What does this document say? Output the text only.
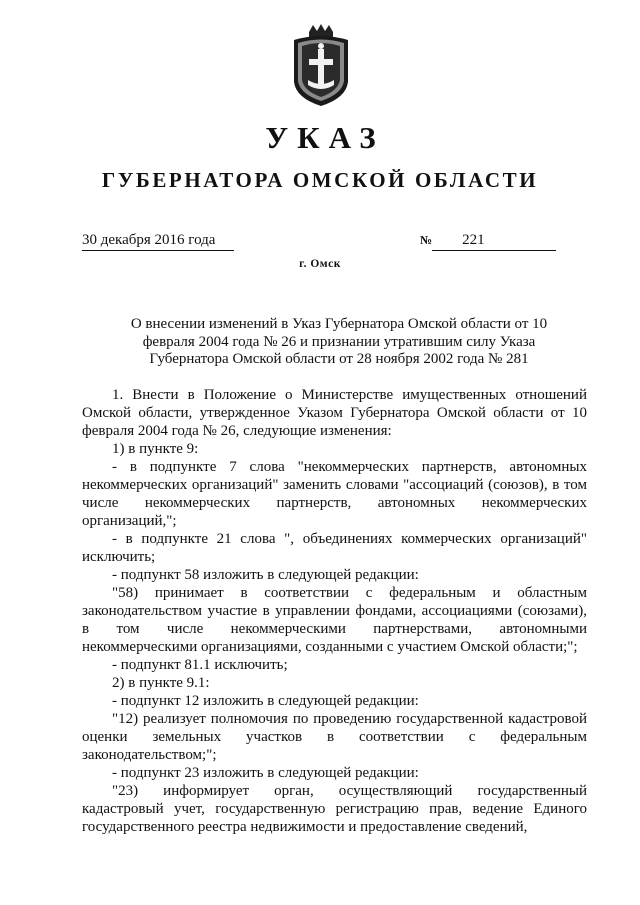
УКАЗ
ГУБЕРНАТОРА ОМСКОЙ ОБЛАСТИ
30 декабря 2016 года	№ 221
г. Омск
О внесении изменений в Указ Губернатора Омской области от 10 февраля 2004 года № 26 и признании утратившим силу Указа Губернатора Омской области от 28 ноября 2002 года № 281

1. Внести в Положение о Министерстве имущественных отношений Омской области, утвержденное Указом Губернатора Омской области от 10 февраля 2004 года № 26, следующие изменения:

1) в пункте 9:

- в подпункте 7 слова "некоммерческих партнерств, автономных некоммерческих организаций" заменить словами "ассоциаций (союзов), в том числе некоммерческих партнерств, автономных некоммерческих организаций,";

- в подпункте 21 слова ", объединениях коммерческих организаций" исключить;

- подпункт 58 изложить в следующей редакции:

"58) принимает в соответствии с федеральным и областным законодательством участие в управлении фондами, ассоциациями (союзами), в том числе некоммерческими партнерствами, автономными некоммерческими организациями, созданными с участием Омской области;";

- подпункт 81.1 исключить;

2) в пункте 9.1:

- подпункт 12 изложить в следующей редакции:

"12) реализует полномочия по проведению государственной кадастровой оценки земельных участков в соответствии с федеральным законодательством;";

- подпункт 23 изложить в следующей редакции:

"23) информирует орган, осуществляющий государственный кадастровый учет, государственную регистрацию прав, ведение Единого государственного реестра недвижимости и предоставление сведений,
